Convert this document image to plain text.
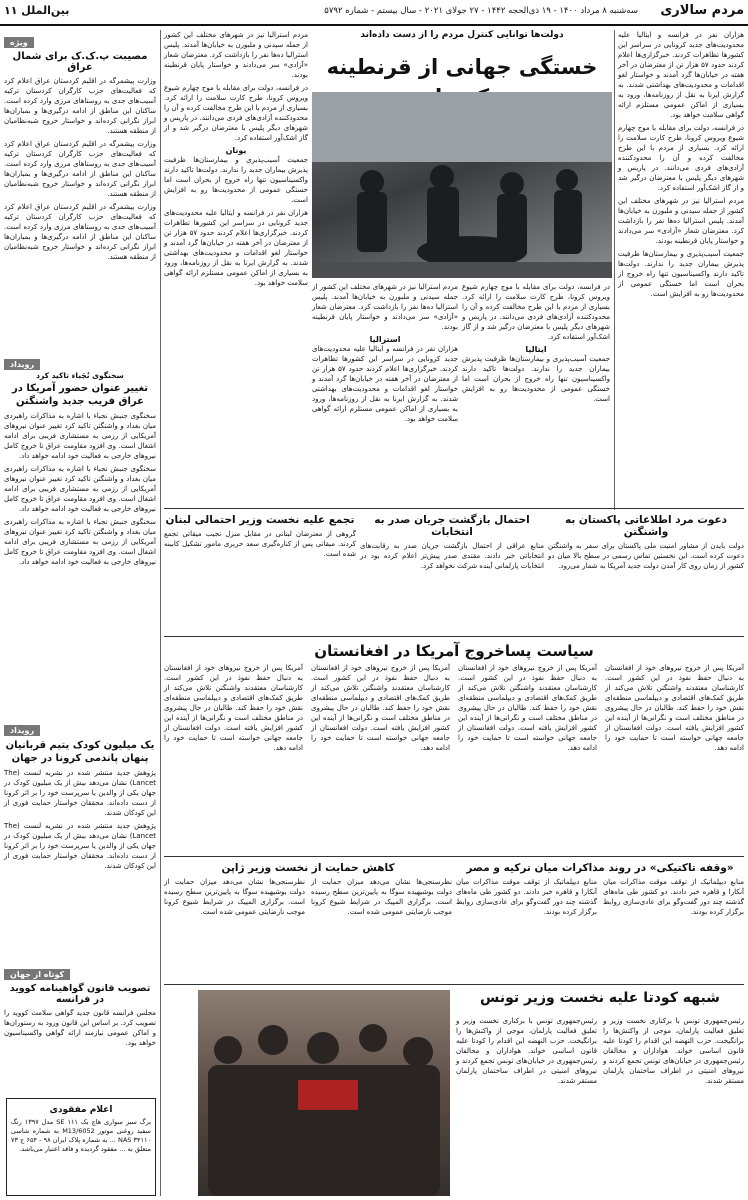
مردم سالاری
سه‌شنبه ۸ مرداد ۱۴۰۰ - ۱۹ ذی‌الحجه ۱۴۴۲ - ۲۷ جولای ۲۰۲۱ - سال بیستم - شماره ۵۷۹۲
بین‌الملل ۱۱
دولت‌ها توانایی کنترل مردم را از دست داده‌اند
خستگی جهانی از قرنطینه

هزاران نفر در فرانسه و ایتالیا علیه محدودیت‌های جدید کرونایی در سراسر این کشورها تظاهرات کردند. خبرگزاری‌ها اعلام کردند حدود ۵۷ هزار تن از معترضان در آخر هفته در خیابان‌ها گرد آمدند و خواستار لغو اقدامات و محدودیت‌های بهداشتی شدند. به گزارش ایرنا به نقل از روزنامه‌ها، ورود به بسیاری از اماکن عمومی مستلزم ارائه گواهی سلامت خواهد بود.

در فرانسه، دولت برای مقابله با موج چهارم شیوع ویروس کرونا، طرح کارت سلامت را ارائه کرد. بسیاری از مردم با این طرح مخالفت کرده و آن را محدودکننده آزادی‌های فردی می‌دانند. در پاریس و شهرهای دیگر پلیس با معترضان درگیر شد و از گاز اشک‌آور استفاده کرد.

مردم استرالیا نیز در شهرهای مختلف این کشور از جمله سیدنی و ملبورن به خیابان‌ها آمدند. پلیس استرالیا ده‌ها نفر را بازداشت کرد. معترضان شعار «آزادی» سر می‌دادند و خواستار پایان قرنطینه بودند.

جمعیت آسیب‌پذیری و بیمارستان‌ها ظرفیت پذیرش بیماران جدید را ندارند. دولت‌ها تاکید دارند واکسیناسیون تنها راه خروج از بحران است اما خستگی عمومی از محدودیت‌ها رو به افزایش است.

در فرانسه، دولت برای مقابله با موج چهارم شیوع ویروس کرونا، طرح کارت سلامت را ارائه کرد. بسیاری از مردم با این طرح مخالفت کرده و آن را محدودکننده آزادی‌های فردی می‌دانند. در پاریس و شهرهای دیگر پلیس با معترضان درگیر شد و از گاز اشک‌آور استفاده کرد.

ایتالیا

جمعیت آسیب‌پذیری و بیمارستان‌ها ظرفیت پذیرش بیماران جدید را ندارند. دولت‌ها تاکید دارند واکسیناسیون تنها راه خروج از بحران است اما خستگی عمومی از محدودیت‌ها رو به افزایش است.

مردم استرالیا نیز در شهرهای مختلف این کشور از جمله سیدنی و ملبورن به خیابان‌ها آمدند. پلیس استرالیا ده‌ها نفر را بازداشت کرد. معترضان شعار «آزادی» سر می‌دادند و خواستار پایان قرنطینه بودند.

استرالیا

هزاران نفر در فرانسه و ایتالیا علیه محدودیت‌های جدید کرونایی در سراسر این کشورها تظاهرات کردند. خبرگزاری‌ها اعلام کردند حدود ۵۷ هزار تن از معترضان در آخر هفته در خیابان‌ها گرد آمدند و خواستار لغو اقدامات و محدودیت‌های بهداشتی شدند. به گزارش ایرنا به نقل از روزنامه‌ها، ورود به بسیاری از اماکن عمومی مستلزم ارائه گواهی سلامت خواهد بود.

مردم استرالیا نیز در شهرهای مختلف این کشور از جمله سیدنی و ملبورن به خیابان‌ها آمدند. پلیس استرالیا ده‌ها نفر را بازداشت کرد. معترضان شعار «آزادی» سر می‌دادند و خواستار پایان قرنطینه بودند.

در فرانسه، دولت برای مقابله با موج چهارم شیوع ویروس کرونا، طرح کارت سلامت را ارائه کرد. بسیاری از مردم با این طرح مخالفت کرده و آن را محدودکننده آزادی‌های فردی می‌دانند. در پاریس و شهرهای دیگر پلیس با معترضان درگیر شد و از گاز اشک‌آور استفاده کرد.

یونان

جمعیت آسیب‌پذیری و بیمارستان‌ها ظرفیت پذیرش بیماران جدید را ندارند. دولت‌ها تاکید دارند واکسیناسیون تنها راه خروج از بحران است اما خستگی عمومی از محدودیت‌ها رو به افزایش است.

هزاران نفر در فرانسه و ایتالیا علیه محدودیت‌های جدید کرونایی در سراسر این کشورها تظاهرات کردند. خبرگزاری‌ها اعلام کردند حدود ۵۷ هزار تن از معترضان در آخر هفته در خیابان‌ها گرد آمدند و خواستار لغو اقدامات و محدودیت‌های بهداشتی شدند. به گزارش ایرنا به نقل از روزنامه‌ها، ورود به بسیاری از اماکن عمومی مستلزم ارائه گواهی سلامت خواهد بود.

دعوت مرد اطلاعاتی پاکستان به واشنگتن

دولت بایدن از مشاور امنیت ملی پاکستان برای سفر به واشنگتن دعوت کرده است. این نخستین تماس رسمی در سطح بالا میان دو کشور از زمان روی کار آمدن دولت جدید آمریکا به شمار می‌رود.

احتمال بازگشت جریان صدر به انتخابات

منابع عراقی از احتمال بازگشت جریان صدر به رقابت‌های انتخاباتی خبر دادند. مقتدی صدر پیش‌تر اعلام کرده بود در انتخابات پارلمانی آینده شرکت نخواهد کرد.

تجمع علیه نخست وزیر احتمالی لبنان

گروهی از معترضان لبنانی در مقابل منزل نجیب میقاتی تجمع کردند. میقاتی پس از کناره‌گیری سعد حریری مامور تشکیل کابینه شده است.

سیاست پساخروج آمریکا در افغانستان

آمریکا پس از خروج نیروهای خود از افغانستان به دنبال حفظ نفوذ در این کشور است. کارشناسان معتقدند واشنگتن تلاش می‌کند از طریق کمک‌های اقتصادی و دیپلماسی منطقه‌ای نقش خود را حفظ کند. طالبان در حال پیشروی در مناطق مختلف است و نگرانی‌ها از آینده این کشور افزایش یافته است. دولت افغانستان از جامعه جهانی خواسته است تا حمایت خود را ادامه دهد.

آمریکا پس از خروج نیروهای خود از افغانستان به دنبال حفظ نفوذ در این کشور است. کارشناسان معتقدند واشنگتن تلاش می‌کند از طریق کمک‌های اقتصادی و دیپلماسی منطقه‌ای نقش خود را حفظ کند. طالبان در حال پیشروی در مناطق مختلف است و نگرانی‌ها از آینده این کشور افزایش یافته است. دولت افغانستان از جامعه جهانی خواسته است تا حمایت خود را ادامه دهد.

آمریکا پس از خروج نیروهای خود از افغانستان به دنبال حفظ نفوذ در این کشور است. کارشناسان معتقدند واشنگتن تلاش می‌کند از طریق کمک‌های اقتصادی و دیپلماسی منطقه‌ای نقش خود را حفظ کند. طالبان در حال پیشروی در مناطق مختلف است و نگرانی‌ها از آینده این کشور افزایش یافته است. دولت افغانستان از جامعه جهانی خواسته است تا حمایت خود را ادامه دهد.

آمریکا پس از خروج نیروهای خود از افغانستان به دنبال حفظ نفوذ در این کشور است. کارشناسان معتقدند واشنگتن تلاش می‌کند از طریق کمک‌های اقتصادی و دیپلماسی منطقه‌ای نقش خود را حفظ کند. طالبان در حال پیشروی در مناطق مختلف است و نگرانی‌ها از آینده این کشور افزایش یافته است. دولت افغانستان از جامعه جهانی خواسته است تا حمایت خود را ادامه دهد.

«وقفه تاکتیکی» در روند مذاکرات میان ترکیه و مصر

منابع دیپلماتیک از توقف موقت مذاکرات میان آنکارا و قاهره خبر دادند. دو کشور طی ماه‌های گذشته چند دور گفت‌وگو برای عادی‌سازی روابط برگزار کرده بودند.

منابع دیپلماتیک از توقف موقت مذاکرات میان آنکارا و قاهره خبر دادند. دو کشور طی ماه‌های گذشته چند دور گفت‌وگو برای عادی‌سازی روابط برگزار کرده بودند.

کاهش حمایت از نخست وزیر ژاپن

نظرسنجی‌ها نشان می‌دهد میزان حمایت از دولت یوشیهیده سوگا به پایین‌ترین سطح رسیده است. برگزاری المپیک در شرایط شیوع کرونا موجب نارضایتی عمومی شده است.

نظرسنجی‌ها نشان می‌دهد میزان حمایت از دولت یوشیهیده سوگا به پایین‌ترین سطح رسیده است. برگزاری المپیک در شرایط شیوع کرونا موجب نارضایتی عمومی شده است.

شبهه کودتا علیه نخست وزیر تونس

رئیس‌جمهوری تونس با برکناری نخست وزیر و تعلیق فعالیت پارلمان، موجی از واکنش‌ها را برانگیخت. حزب النهضه این اقدام را کودتا علیه قانون اساسی خواند. هواداران و مخالفان رئیس‌جمهوری در خیابان‌های تونس تجمع کردند و نیروهای امنیتی در اطراف ساختمان پارلمان مستقر شدند.

رئیس‌جمهوری تونس با برکناری نخست وزیر و تعلیق فعالیت پارلمان، موجی از واکنش‌ها را برانگیخت. حزب النهضه این اقدام را کودتا علیه قانون اساسی خواند. هواداران و مخالفان رئیس‌جمهوری در خیابان‌های تونس تجمع کردند و نیروهای امنیتی در اطراف ساختمان پارلمان مستقر شدند.

ویژه
مصیبت پ.ک.ک برای شمال عراق

وزارت پیشمرگه در اقلیم کردستان عراق اعلام کرد که فعالیت‌های حزب کارگران کردستان ترکیه آسیب‌های جدی به روستاهای مرزی وارد کرده است. ساکنان این مناطق از ادامه درگیری‌ها و بمباران‌ها ابراز نگرانی کرده‌اند و خواستار خروج شبه‌نظامیان از منطقه هستند.

وزارت پیشمرگه در اقلیم کردستان عراق اعلام کرد که فعالیت‌های حزب کارگران کردستان ترکیه آسیب‌های جدی به روستاهای مرزی وارد کرده است. ساکنان این مناطق از ادامه درگیری‌ها و بمباران‌ها ابراز نگرانی کرده‌اند و خواستار خروج شبه‌نظامیان از منطقه هستند.

وزارت پیشمرگه در اقلیم کردستان عراق اعلام کرد که فعالیت‌های حزب کارگران کردستان ترکیه آسیب‌های جدی به روستاهای مرزی وارد کرده است. ساکنان این مناطق از ادامه درگیری‌ها و بمباران‌ها ابراز نگرانی کرده‌اند و خواستار خروج شبه‌نظامیان از منطقه هستند.

رویداد
سخنگوی نُجَباء تاکید کرد
تغییر عنوان حضور آمریکا در عراق فریب جدید واشنگتن

سخنگوی جنبش نجباء با اشاره به مذاکرات راهبردی میان بغداد و واشنگتن تاکید کرد تغییر عنوان نیروهای آمریکایی از رزمی به مستشاری فریبی برای ادامه اشغال است. وی افزود مقاومت عراق تا خروج کامل نیروهای خارجی به فعالیت خود ادامه خواهد داد.

سخنگوی جنبش نجباء با اشاره به مذاکرات راهبردی میان بغداد و واشنگتن تاکید کرد تغییر عنوان نیروهای آمریکایی از رزمی به مستشاری فریبی برای ادامه اشغال است. وی افزود مقاومت عراق تا خروج کامل نیروهای خارجی به فعالیت خود ادامه خواهد داد.

سخنگوی جنبش نجباء با اشاره به مذاکرات راهبردی میان بغداد و واشنگتن تاکید کرد تغییر عنوان نیروهای آمریکایی از رزمی به مستشاری فریبی برای ادامه اشغال است. وی افزود مقاومت عراق تا خروج کامل نیروهای خارجی به فعالیت خود ادامه خواهد داد.

رویداد
یک میلیون کودک یتیم قربانیان پنهان پاندمی کرونا در جهان

پژوهش جدید منتشر شده در نشریه لنست (The Lancet) نشان می‌دهد بیش از یک میلیون کودک در جهان یکی از والدین یا سرپرست خود را بر اثر کرونا از دست داده‌اند. محققان خواستار حمایت فوری از این کودکان شدند.

پژوهش جدید منتشر شده در نشریه لنست (The Lancet) نشان می‌دهد بیش از یک میلیون کودک در جهان یکی از والدین یا سرپرست خود را بر اثر کرونا از دست داده‌اند. محققان خواستار حمایت فوری از این کودکان شدند.

کوتاه از جهان
تصویب قانون گواهینامه کووید در فرانسه

مجلس فرانسه قانون جدید گواهی سلامت کووید را تصویب کرد. بر اساس این قانون ورود به رستوران‌ها و اماکن عمومی نیازمند ارائه گواهی واکسیناسیون خواهد بود.

اعلام مفقودی

برگ سبز سواری هاچ بک ۱۱۱ SE مدل ۱۳۹۷ رنگ سفید روغنی موتور M13/6052 به شماره شاسی NAS ۳۴۱۱۰ ... به شماره پلاک ایران ۹۸ - ۶۵۴ ج ۷۳ متعلق به ... مفقود گردیده و فاقد اعتبار می‌باشد.
